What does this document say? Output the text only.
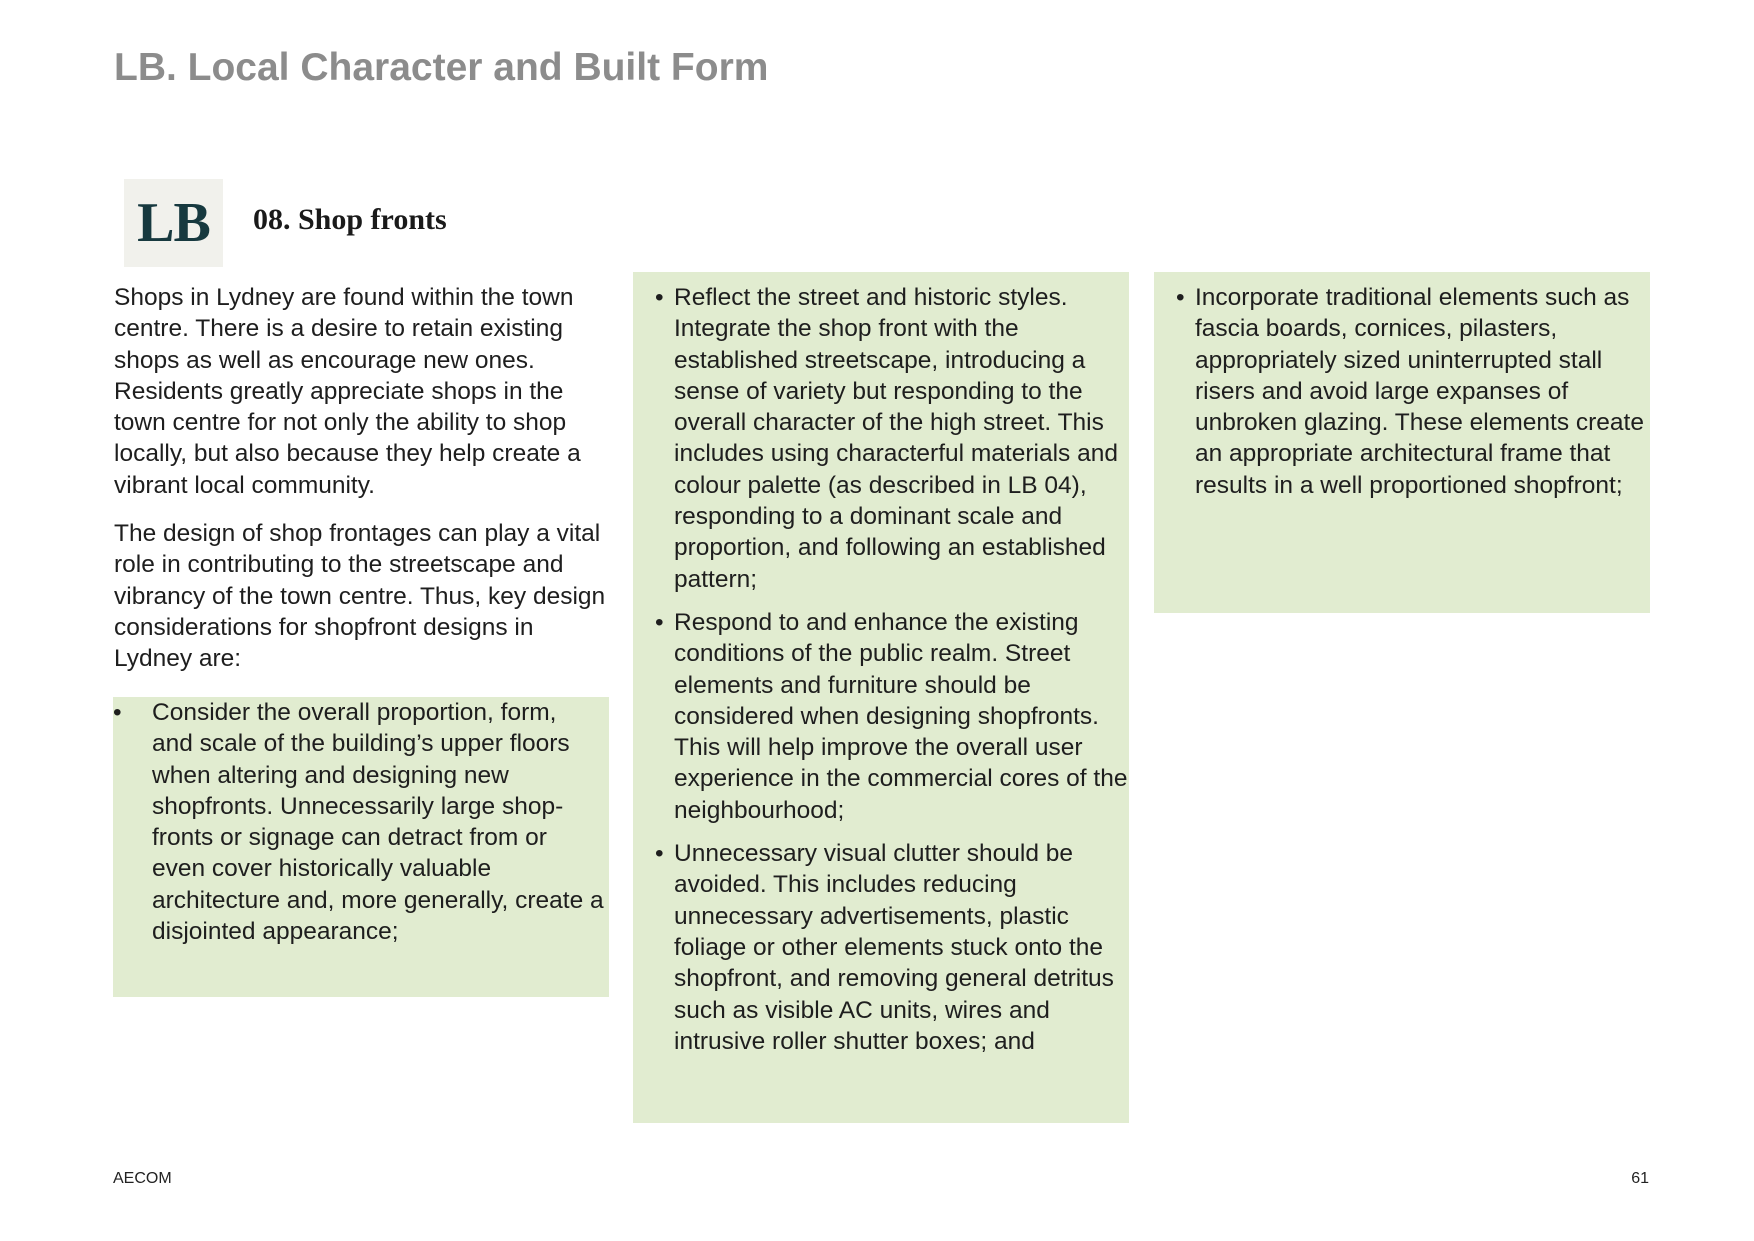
LB. Local Character and Built Form
LB 08. Shop fronts

Shops in Lydney are found within the town centre. There is a desire to retain existing shops as well as encourage new ones. Residents greatly appreciate shops in the town centre for not only the ability to shop locally, but also because they help create a vibrant local community.

The design of shop frontages can play a vital role in contributing to the streetscape and vibrancy of the town centre. Thus, key design considerations for shopfront designs in Lydney are:

• Consider the overall proportion, form, and scale of the building’s upper floors when altering and designing new shopfronts. Unnecessarily large shop-fronts or signage can detract from or even cover historically valuable architecture and, more generally, create a disjointed appearance;
• Reflect the street and historic styles. Integrate the shop front with the established streetscape, introducing a sense of variety but responding to the overall character of the high street. This includes using characterful materials and colour palette (as described in LB 04), responding to a dominant scale and proportion, and following an established pattern;
• Respond to and enhance the existing conditions of the public realm. Street elements and furniture should be considered when designing shopfronts. This will help improve the overall user experience in the commercial cores of the neighbourhood;
• Unnecessary visual clutter should be avoided. This includes reducing unnecessary advertisements, plastic foliage or other elements stuck onto the shopfront, and removing general detritus such as visible AC units, wires and intrusive roller shutter boxes; and
• Incorporate traditional elements such as fascia boards, cornices, pilasters, appropriately sized uninterrupted stall risers and avoid large expanses of unbroken glazing. These elements create an appropriate architectural frame that results in a well proportioned shopfront;
AECOM	61
